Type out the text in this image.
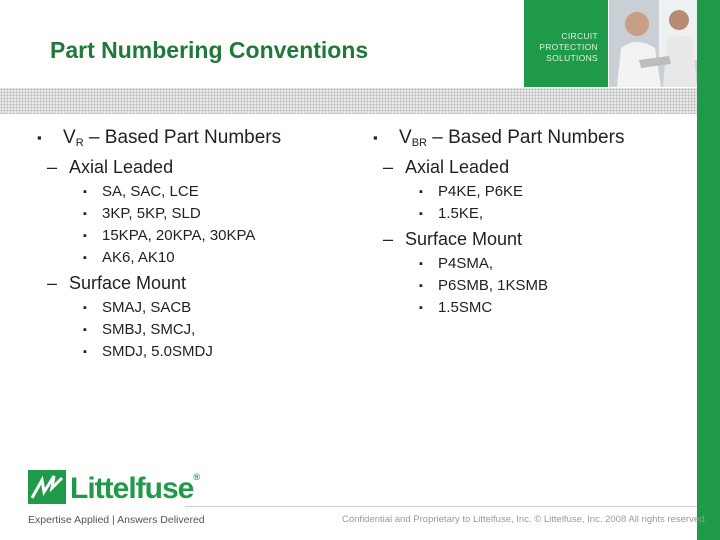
Part Numbering Conventions
CIRCUIT
PROTECTION
SOLUTIONS
▪ $V_R$ – Based Part Numbers
– Axial Leaded
▪ SA, SAC, LCE
▪ 3KP, 5KP, SLD
▪ 15KPA, 20KPA, 30KPA
▪ AK6, AK10
– Surface Mount
▪ SMAJ, SACB
▪ SMBJ, SMCJ,
▪ SMDJ, 5.0SMDJ
▪ $V_{BR}$ – Based Part Numbers
– Axial Leaded
▪ P4KE, P6KE
▪ 1.5KE,
– Surface Mount
▪ P4SMA,
▪ P6SMB, 1KSMB
▪ 1.5SMC
Littelfuse®
Expertise Applied | Answers Delivered	Confidential and Proprietary to Littelfuse, Inc. © Littelfuse, Inc. 2008 All rights reserved.
